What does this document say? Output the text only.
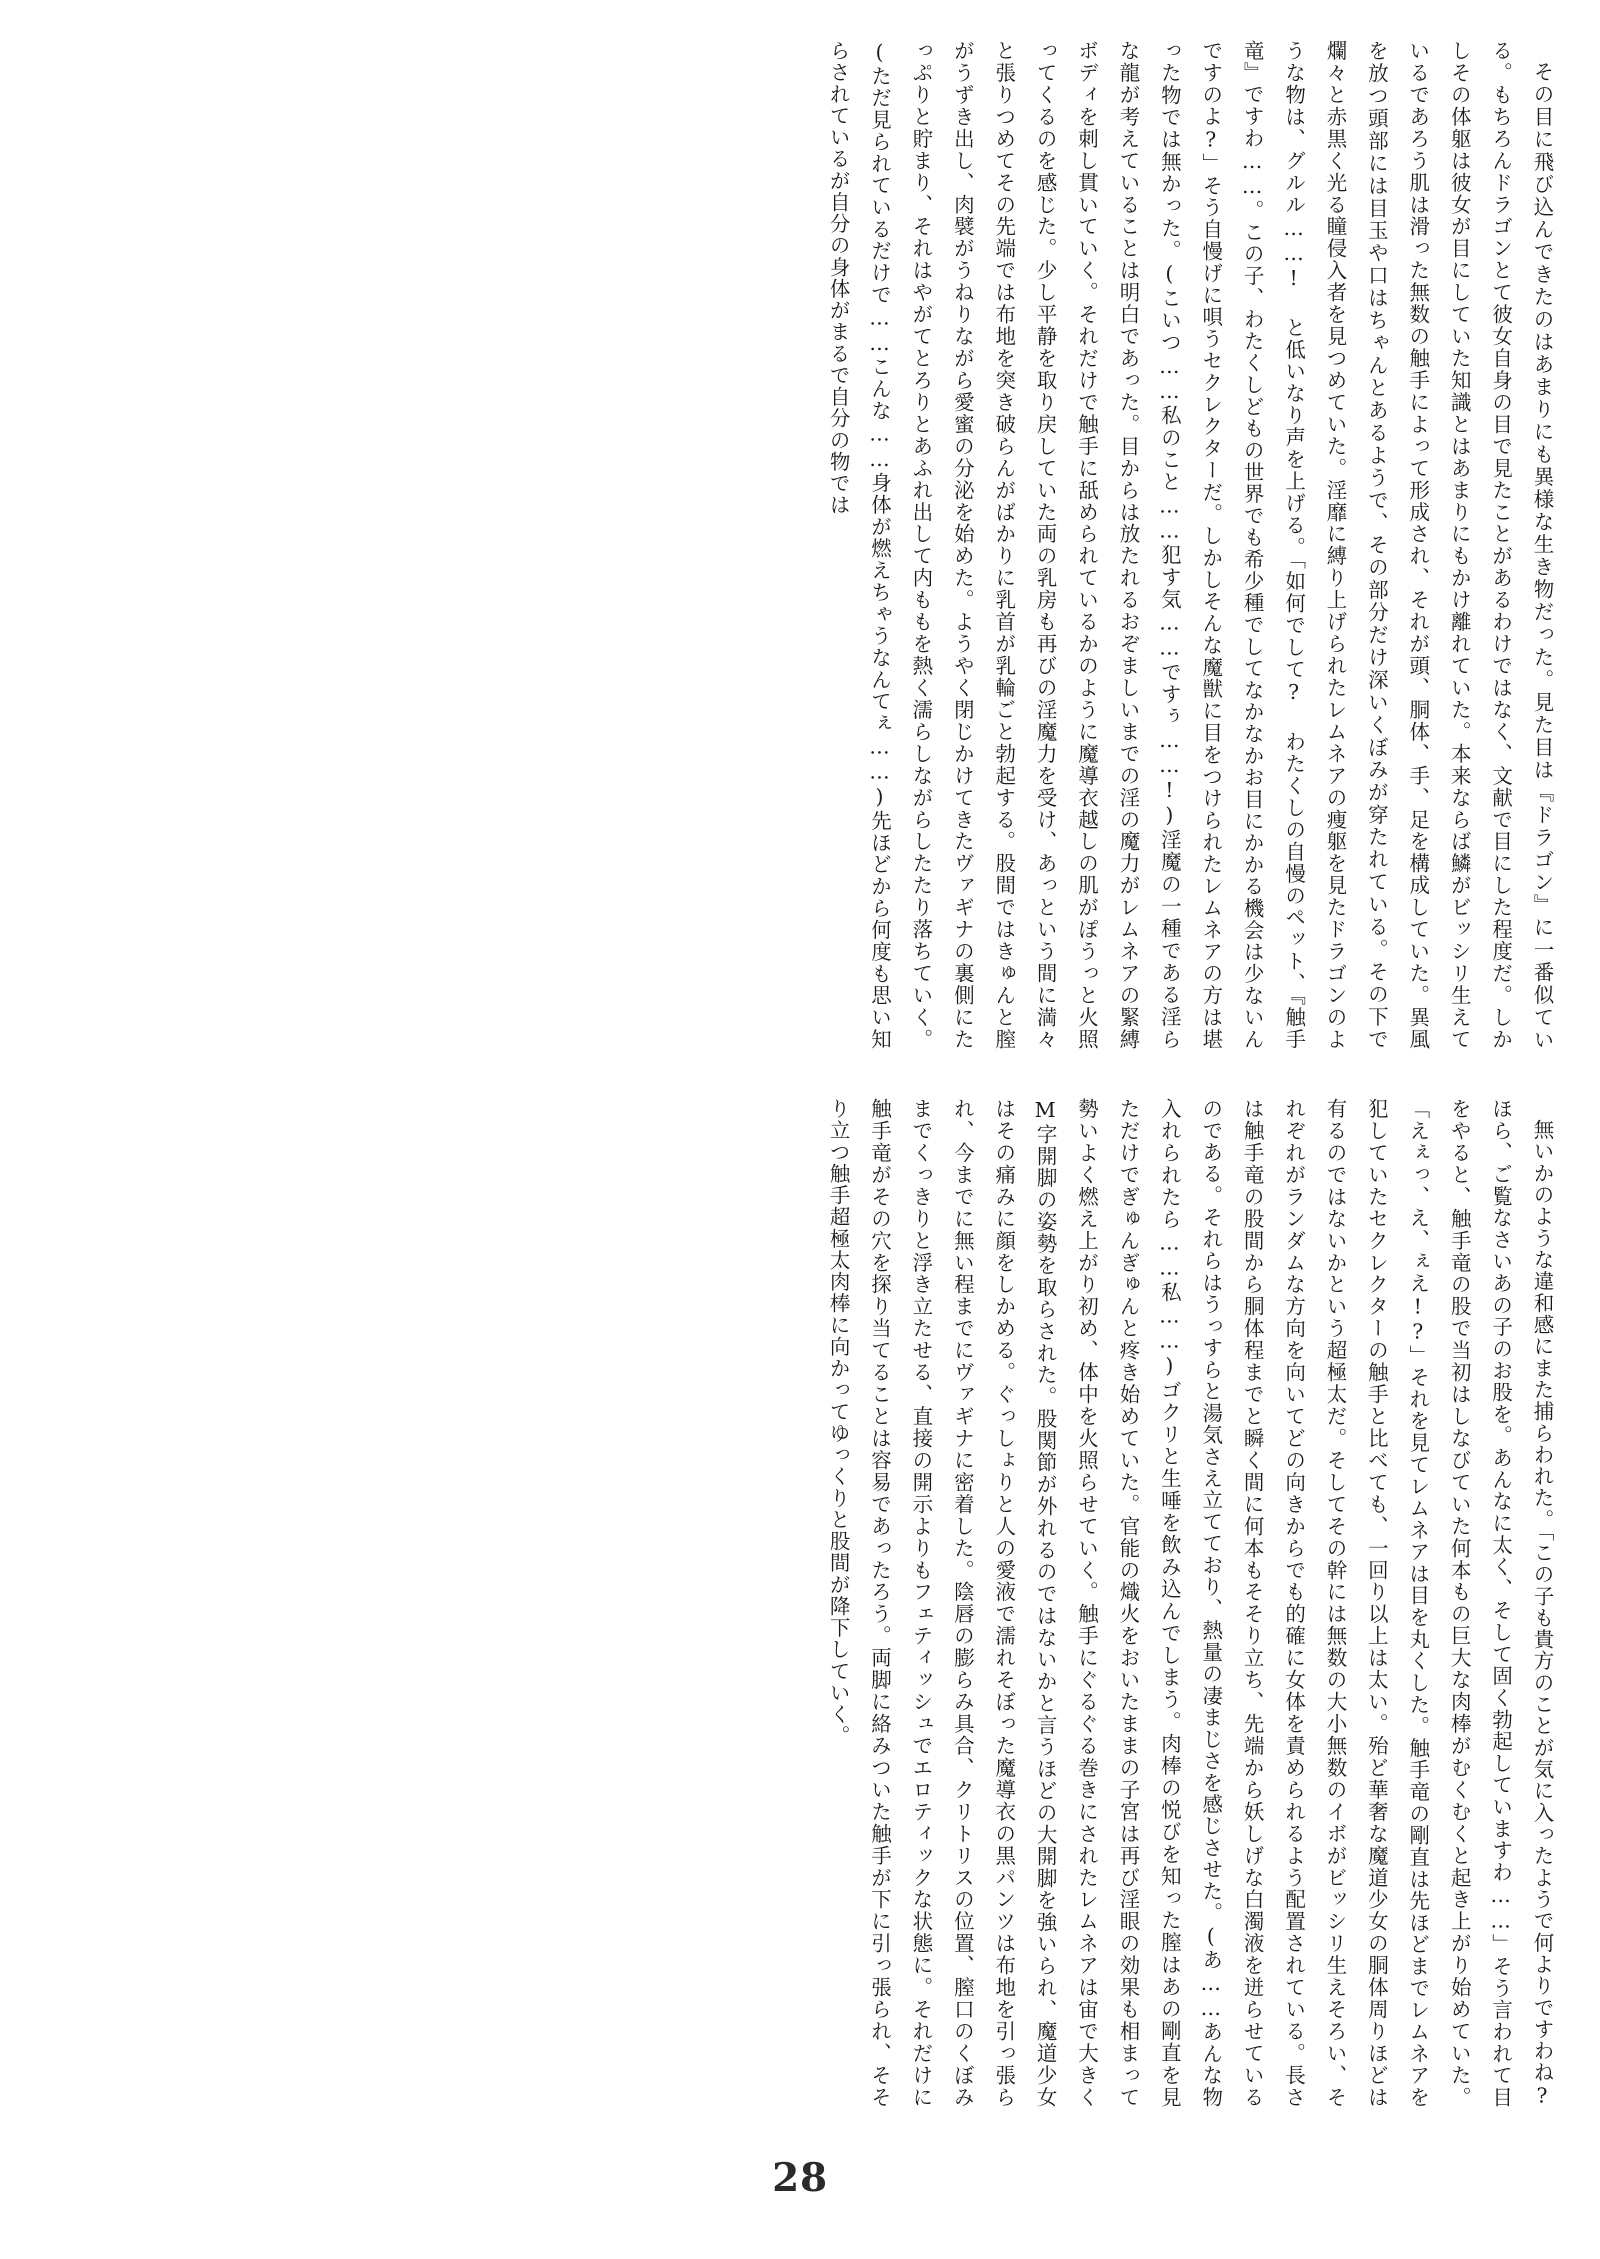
その目に飛び込んできたのはあまりにも異様な生き物だった。見た目は『ドラゴン』に一番似ている。もちろんドラゴンとて彼女自身の目で見たことがあるわけではなく、文献で目にした程度だ。しかしその体躯は彼女が目にしていた知識とはあまりにもかけ離れていた。本来ならば鱗がビッシリ生えているであろう肌は滑った無数の触手によって形成され、それが頭、胴体、手、足を構成していた。異風を放つ頭部には目玉や口はちゃんとあるようで、その部分だけ深いくぼみが穿たれている。その下で爛々と赤黒く光る瞳侵入者を見つめていた。淫靡に縛り上げられたレムネアの痩躯を見たドラゴンのような物は、グルル……! と低いなり声を上げる。「如何でして? わたくしの自慢のペット、『触手竜』ですわ……。この子、わたくしどもの世界でも希少種でしてなかなかお目にかかる機会は少ないんですのよ?」そう自慢げに唄うセクレクターだ。しかしそんな魔獣に目をつけられたレムネアの方は堪った物では無かった。(こいつ……私のこと……犯す気……ですぅ……!)淫魔の一種である淫らな龍が考えていることは明白であった。目からは放たれるおぞましいまでの淫の魔力がレムネアの緊縛ボディを刺し貫いていく。それだけで触手に舐められているかのように魔導衣越しの肌がぽうっと火照ってくるのを感じた。少し平静を取り戻していた両の乳房も再びの淫魔力を受け、あっという間に満々と張りつめてその先端では布地を突き破らんがばかりに乳首が乳輪ごと勃起する。股間ではきゅんと膣がうずき出し、肉襞がうねりながら愛蜜の分泌を始めた。ようやく閉じかけてきたヴァギナの裏側にたっぷりと貯まり、それはやがてとろりとあふれ出して内ももを熱く濡らしながらしたたり落ちていく。(ただ見られているだけで……こんな……身体が燃えちゃうなんてぇ……)先ほどから何度も思い知らされているが自分の身体がまるで自分の物では

無いかのような違和感にまた捕らわれた。「この子も貴方のことが気に入ったようで何よりですわね? ほら、ご覧なさいあの子のお股を。あんなに太く、そして固く勃起していますわ……」そう言われて目をやると、触手竜の股で当初はしなびていた何本もの巨大な肉棒がむくむくと起き上がり始めていた。「えぇっ、え、ぇえ!?」それを見てレムネアは目を丸くした。触手竜の剛直は先ほどまでレムネアを犯していたセクレクターの触手と比べても、一回り以上は太い。殆ど華奢な魔道少女の胴体周りほどは有るのではないかという超極太だ。そしてその幹には無数の大小無数のイボがビッシリ生えそろい、それぞれがランダムな方向を向いてどの向きからでも的確に女体を責められるよう配置されている。長さは触手竜の股間から胴体程までと瞬く間に何本もそそり立ち、先端から妖しげな白濁液を迸らせているのである。それらはうっすらと湯気さえ立てており、熱量の凄まじさを感じさせた。(あ……あんな物入れられたら……私……)ゴクリと生唾を飲み込んでしまう。肉棒の悦びを知った膣はあの剛直を見ただけでぎゅんぎゅんと疼き始めていた。官能の熾火をおいたままの子宮は再び淫眼の効果も相まって勢いよく燃え上がり初め、体中を火照らせていく。触手にぐるぐる巻きにされたレムネアは宙で大きくM字開脚の姿勢を取らされた。股関節が外れるのではないかと言うほどの大開脚を強いられ、魔道少女はその痛みに顔をしかめる。ぐっしょりと人の愛液で濡れそぼった魔導衣の黒パンツは布地を引っ張られ、今までに無い程までにヴァギナに密着した。陰唇の膨らみ具合、クリトリスの位置、膣口のくぼみまでくっきりと浮き立たせる、直接の開示よりもフェティッシュでエロティックな状態に。それだけに触手竜がその穴を探り当てることは容易であったろう。両脚に絡みついた触手が下に引っ張られ、そそり立つ触手超極太肉棒に向かってゆっくりと股間が降下していく。

28
